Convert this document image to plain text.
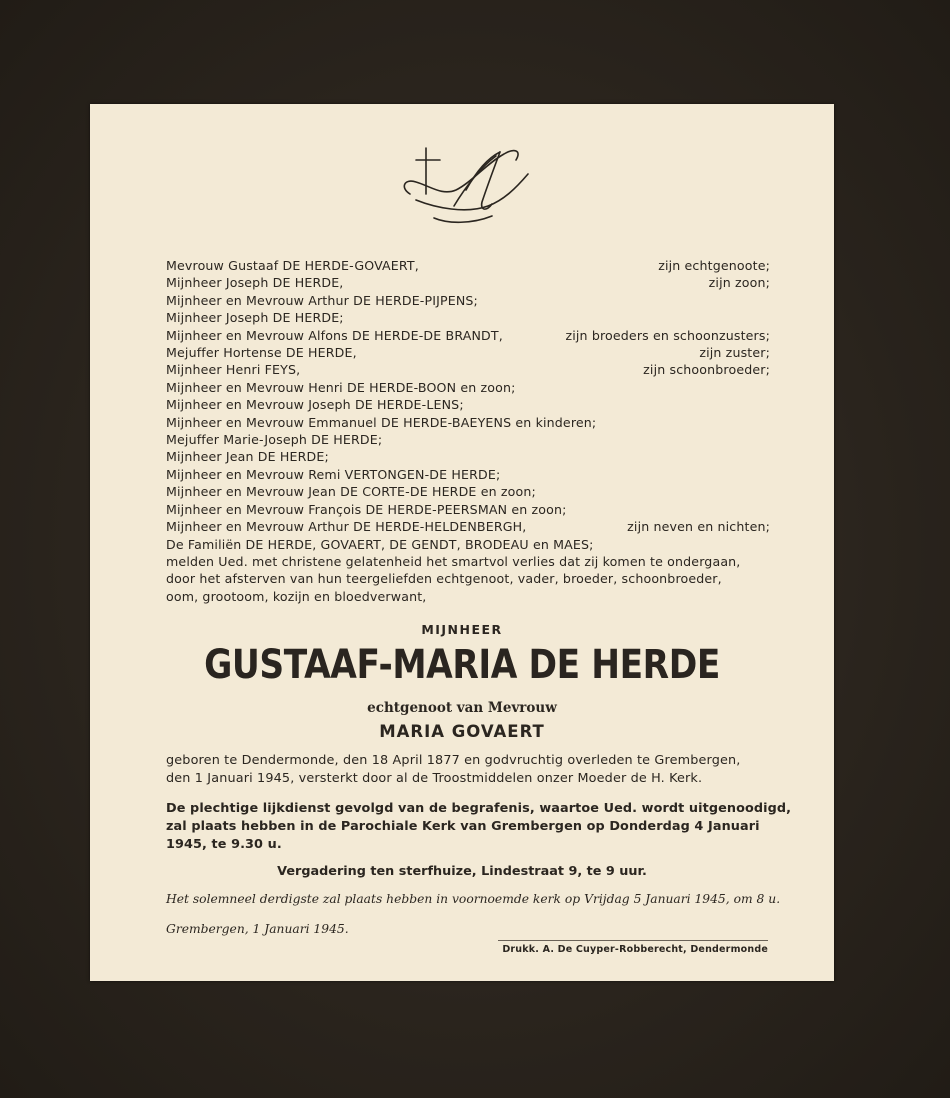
Mevrouw Gustaaf DE HERDE-GOVAERT,	zijn echtgenoote;
Mijnheer Joseph DE HERDE,	zijn zoon;
Mijnheer en Mevrouw Arthur DE HERDE-PIJPENS;
Mijnheer Joseph DE HERDE;
Mijnheer en Mevrouw Alfons DE HERDE-DE BRANDT,	zijn broeders en schoonzusters;
Mejuffer Hortense DE HERDE,	zijn zuster;
Mijnheer Henri FEYS,	zijn schoonbroeder;
Mijnheer en Mevrouw Henri DE HERDE-BOON en zoon;
Mijnheer en Mevrouw Joseph DE HERDE-LENS;
Mijnheer en Mevrouw Emmanuel DE HERDE-BAEYENS en kinderen;
Mejuffer Marie-Joseph DE HERDE;
Mijnheer Jean DE HERDE;
Mijnheer en Mevrouw Remi VERTONGEN-DE HERDE;
Mijnheer en Mevrouw Jean DE CORTE-DE HERDE en zoon;
Mijnheer en Mevrouw François DE HERDE-PEERSMAN en zoon;
Mijnheer en Mevrouw Arthur DE HERDE-HELDENBERGH,	zijn neven en nichten;
De Familiën DE HERDE, GOVAERT, DE GENDT, BRODEAU en MAES;
melden Ued. met christene gelatenheid het smartvol verlies dat zij komen te ondergaan,
door het afsterven van hun teergeliefden echtgenoot, vader, broeder, schoonbroeder,
oom, grootoom, kozijn en bloedverwant,
MIJNHEER
GUSTAAF-MARIA DE HERDE
echtgenoot van Mevrouw
MARIA GOVAERT
geboren te Dendermonde, den 18 April 1877 en godvruchtig overleden te Grembergen,
den 1 Januari 1945, versterkt door al de Troostmiddelen onzer Moeder de H. Kerk.
De plechtige lijkdienst gevolgd van de begrafenis, waartoe Ued. wordt uitgenoodigd,
zal plaats hebben in de Parochiale Kerk van Grembergen op Donderdag 4 Januari
1945, te 9.30 u.
Vergadering ten sterfhuize, Lindestraat 9, te 9 uur.
Het solemneel derdigste zal plaats hebben in voornoemde kerk op Vrijdag 5 Januari 1945, om 8 u.
Grembergen, 1 Januari 1945.
Drukk. A. De Cuyper-Robberecht, Dendermonde
